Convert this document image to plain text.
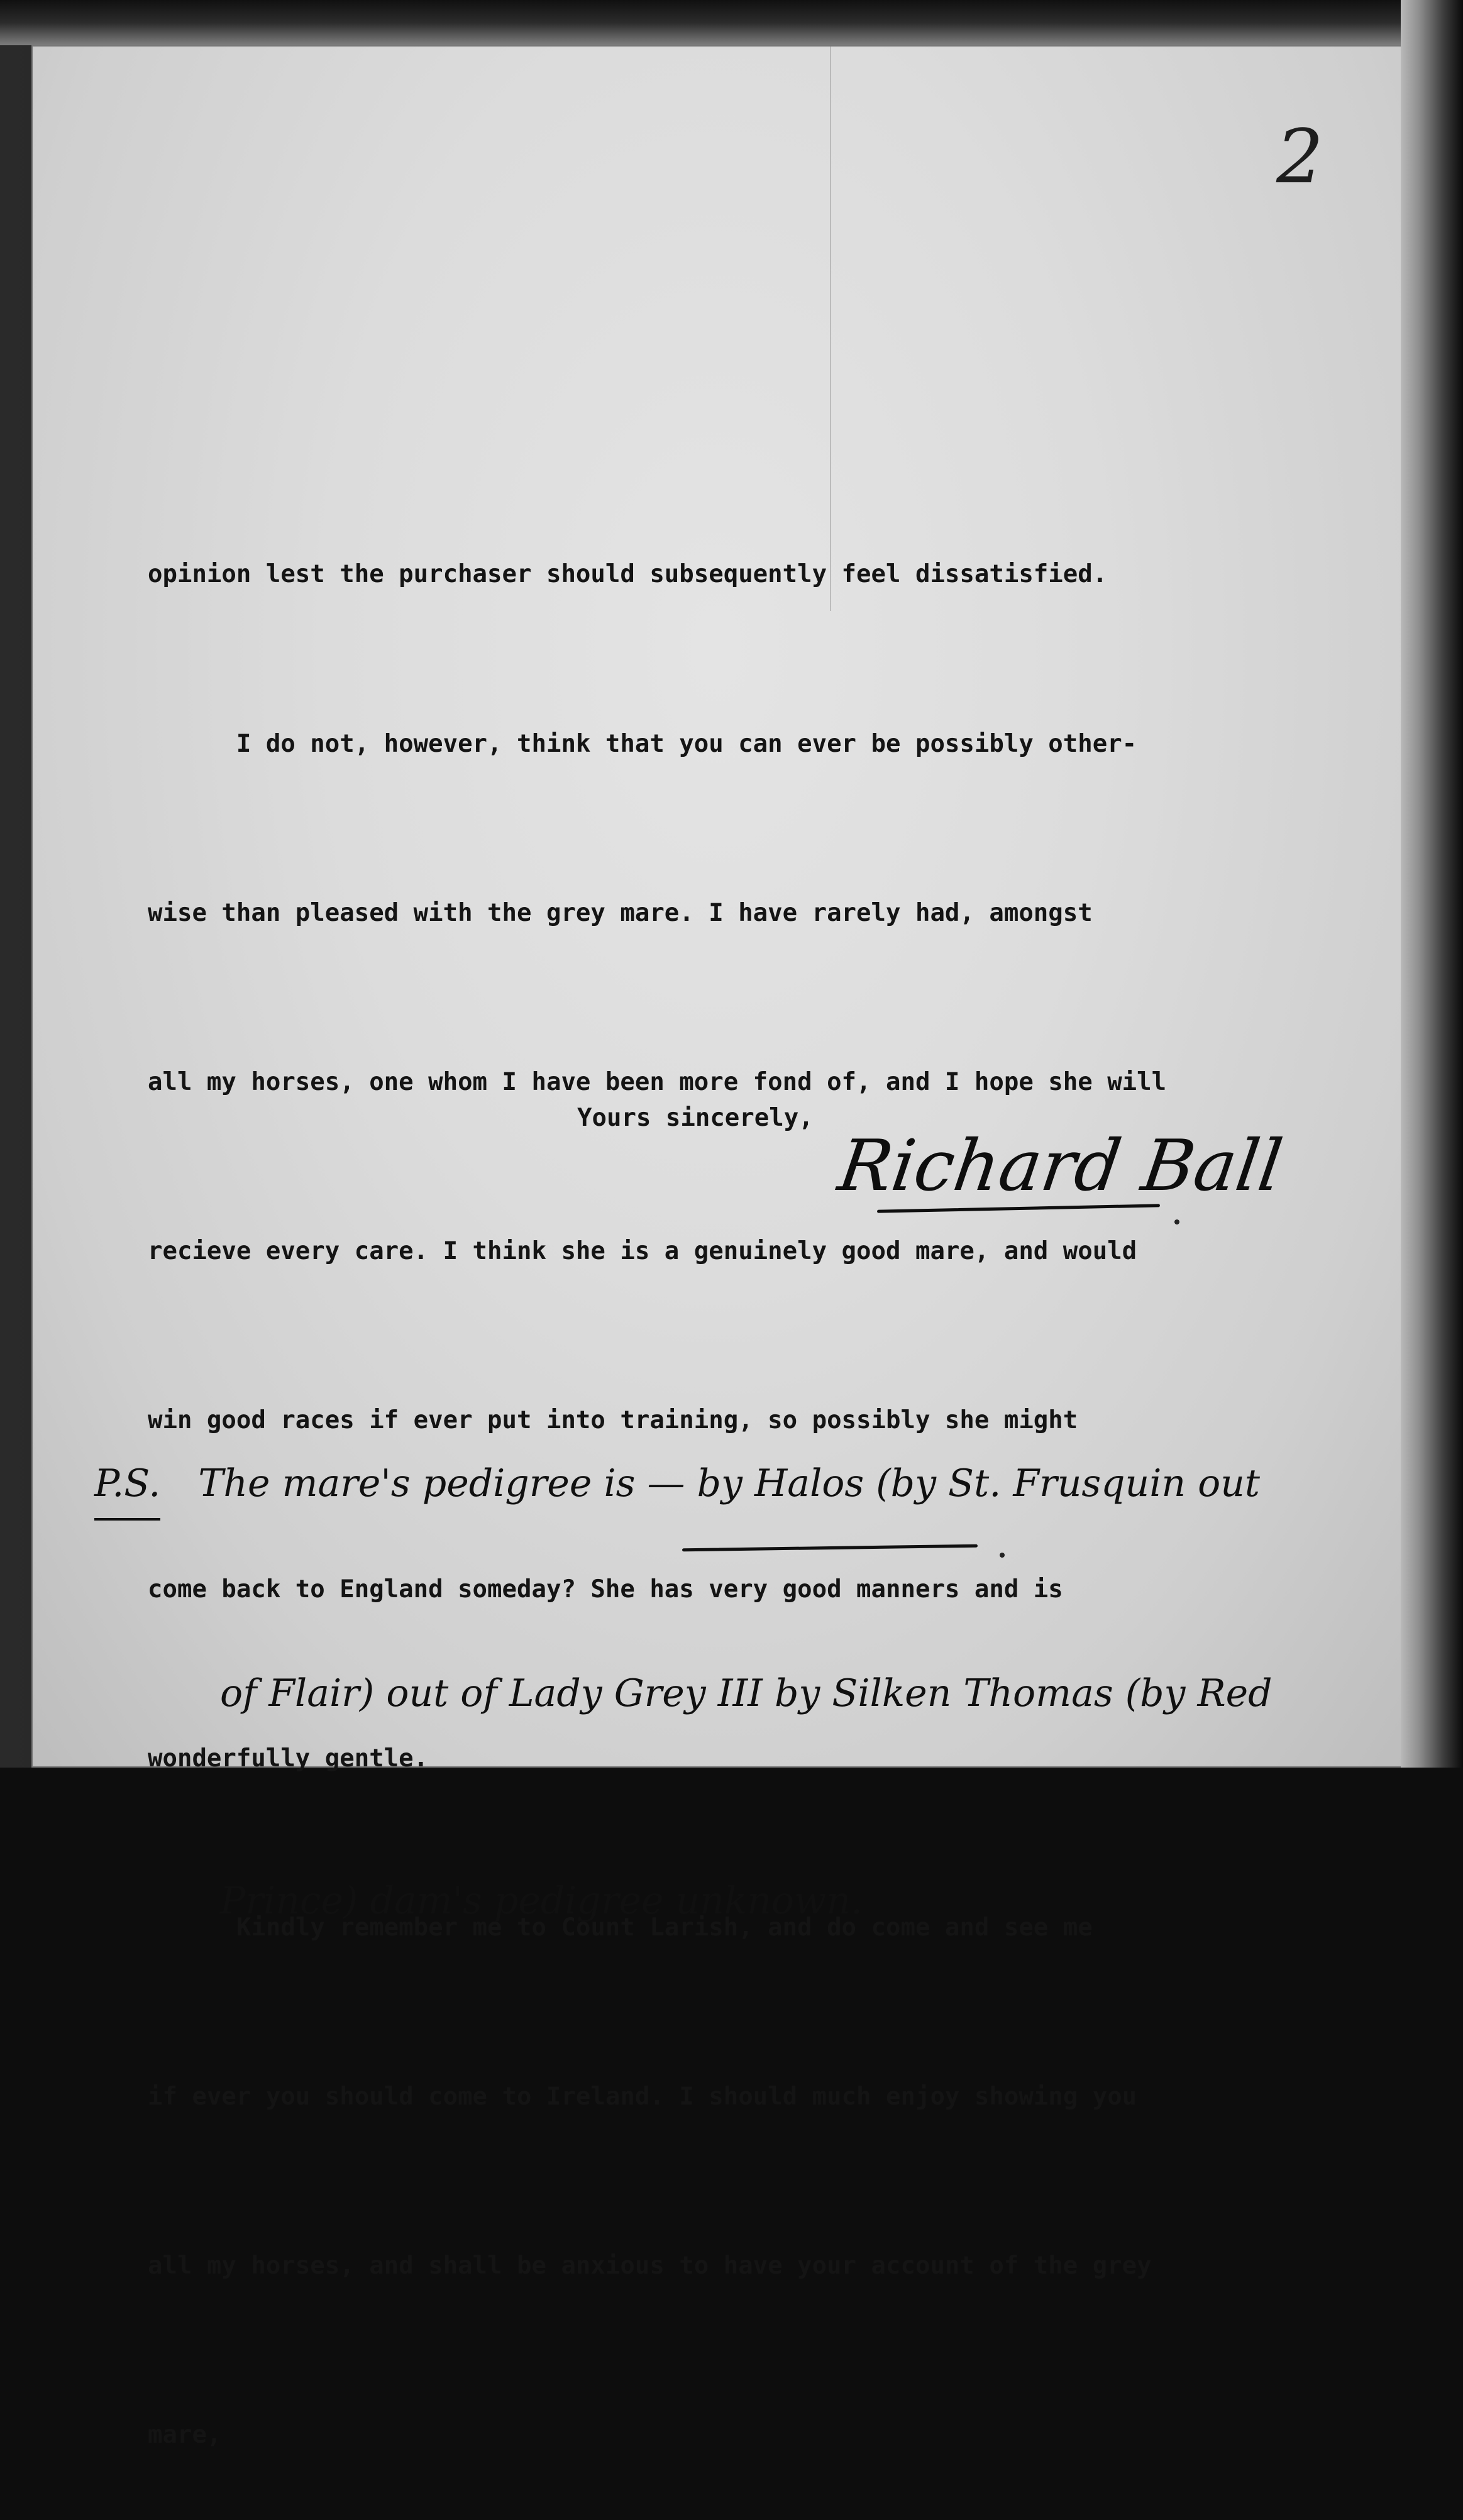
2

opinion lest the purchaser should subsequently feel dissatisfied.

I do not, however, think that you can ever be possibly other-

wise than pleased with the grey mare. I have rarely had, amongst

all my horses, one whom I have been more fond of, and I hope she will

recieve every care. I think she is a genuinely good mare, and would

win good races if ever put into training, so possibly she might

come back to England someday? She has very good manners and is

wonderfully gentle.

Kindly remember me to Count Larish, and do come and see me

if ever you should come to Ireland. I should much enjoy showing you

all my horses, and shall be anxious to have your account of the grey

mare,

Yours sincerely,
Richard Ball

P.S. The mare's pedigree is — by Halos (by St. Frusquin out

of Flair) out of Lady Grey III by Silken Thomas (by Red

Prince) dam's pedigree unknown.
